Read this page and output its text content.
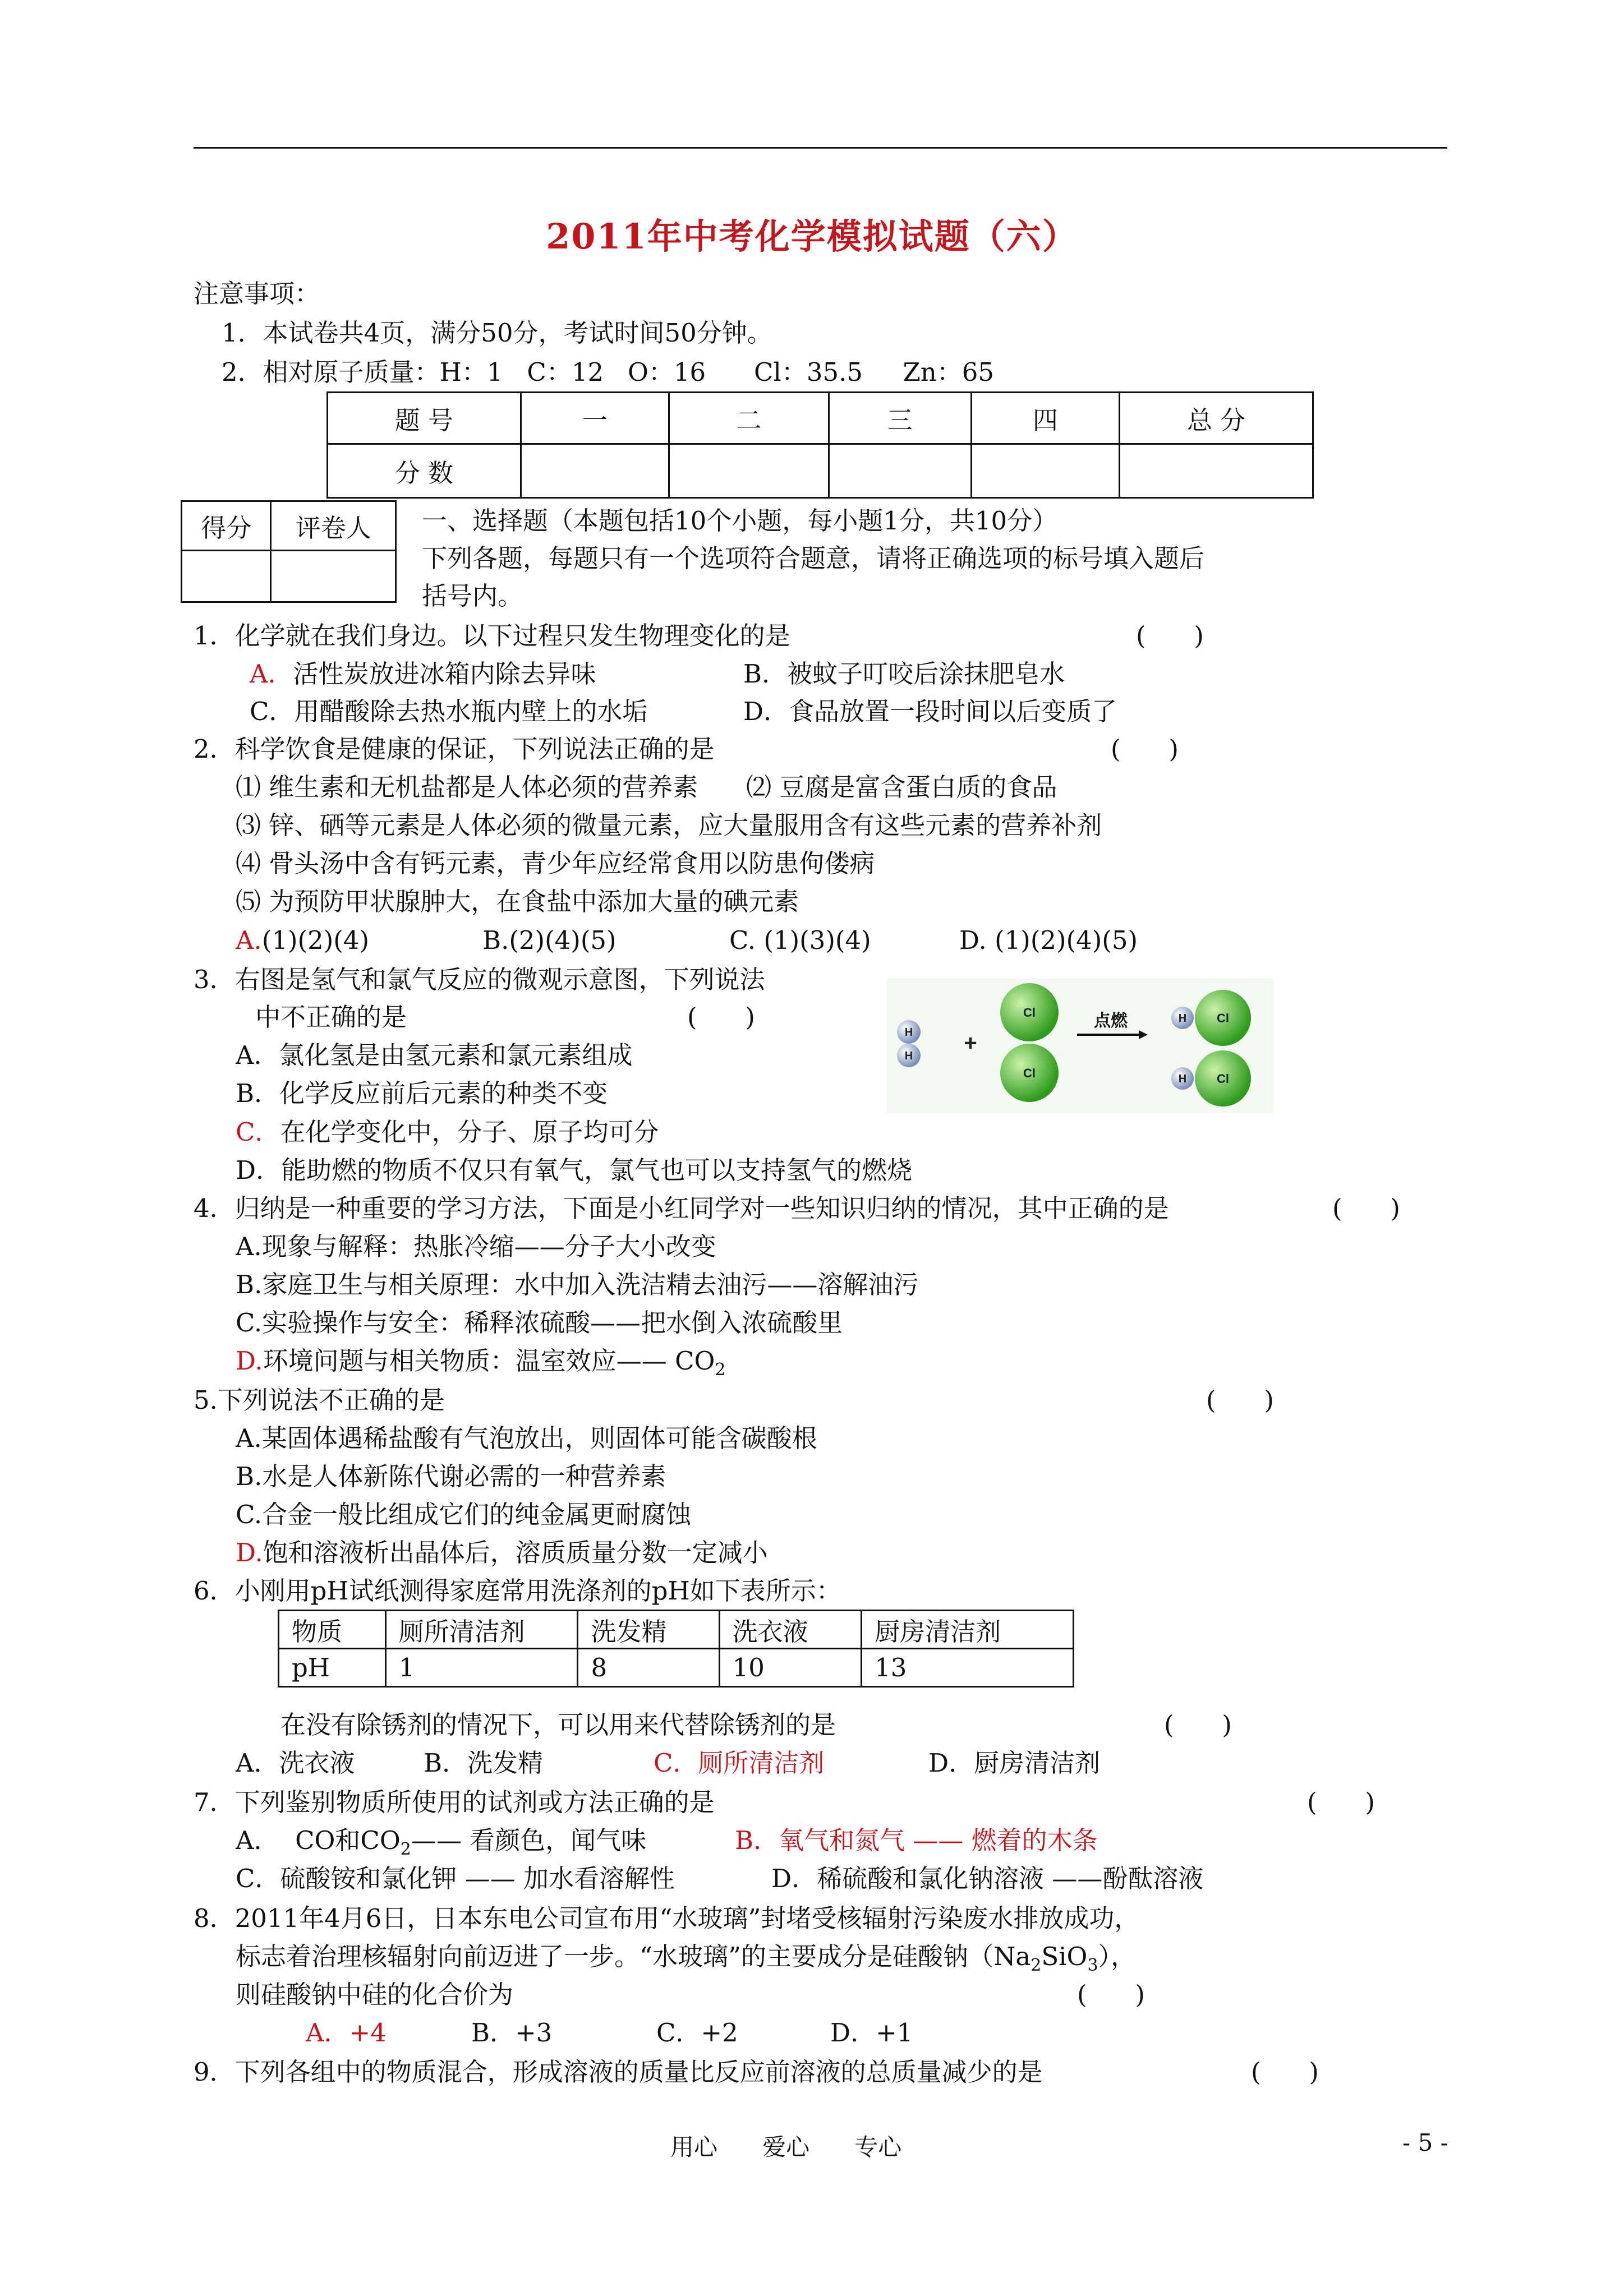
2011年中考化学模拟试题（六）
注意事项：
1．本试卷共4页，满分50分，考试时间50分钟。
2．相对原子质量：H：1   C：12   O：16      Cl：35.5     Zn：65
题 号	一	二	三	四	总 分
分 数					
得分	评卷人
	一、选择题（本题包括10个小题，每小题1分，共10分）
下列各题，每题只有一个选项符合题意，请将正确选项的标号填入题后
括号内。
1．化学就在我们身边。以下过程只发生物理变化的是	(      )
A．活性炭放进冰箱内除去异味	B．被蚊子叮咬后涂抹肥皂水
C．用醋酸除去热水瓶内壁上的水垢	D．食品放置一段时间以后变质了
2．科学饮食是健康的保证，下列说法正确的是	(      )
⑴ 维生素和无机盐都是人体必须的营养素      ⑵ 豆腐是富含蛋白质的食品
⑶ 锌、硒等元素是人体必须的微量元素，应大量服用含有这些元素的营养补剂
⑷ 骨头汤中含有钙元素，青少年应经常食用以防患佝偻病
⑸ 为预防甲状腺肿大，在食盐中添加大量的碘元素
A.(1)(2)(4)	B.(2)(4)(5)	C. (1)(3)(4)	D. (1)(2)(4)(5)
3．右图是氢气和氯气反应的微观示意图，下列说法
中不正确的是	(      )
A．氯化氢是由氢元素和氯元素组成
B．化学反应前后元素的种类不变
C．在化学变化中，分子、原子均可分
D．能助燃的物质不仅只有氧气，氯气也可以支持氢气的燃烧
H
H
+
Cl
Cl
点燃	H Cl
H Cl
4．归纳是一种重要的学习方法，下面是小红同学对一些知识归纳的情况，其中正确的是	(      )
A.现象与解释：热胀冷缩——分子大小改变
B.家庭卫生与相关原理：水中加入洗洁精去油污——溶解油污
C.实验操作与安全：稀释浓硫酸——把水倒入浓硫酸里
D.环境问题与相关物质：温室效应—— $CO_2$
5.下列说法不正确的是	(      )
A.某固体遇稀盐酸有气泡放出，则固体可能含碳酸根
B.水是人体新陈代谢必需的一种营养素
C.合金一般比组成它们的纯金属更耐腐蚀
D.饱和溶液析出晶体后，溶质质量分数一定减小
6．小刚用pH试纸测得家庭常用洗涤剂的pH如下表所示：
物质	厕所清洁剂	洗发精	洗衣液	厨房清洁剂
pH	1	8	10	13
在没有除锈剂的情况下，可以用来代替除锈剂的是	(      )
A．洗衣液	B．洗发精	C．厕所清洁剂	D．厨房清洁剂
7．下列鉴别物质所使用的试剂或方法正确的是	(      )
A．  CO和$CO_2——$ 看颜色，闻气味	B．氧气和氮气 —— 燃着的木条
C．硫酸铵和氯化钾 —— 加水看溶解性	D．稀硫酸和氯化钠溶液 ——酚酞溶液
8．2011年4月6日，日本东电公司宣布用“水玻璃”封堵受核辐射污染废水排放成功，
标志着治理核辐射向前迈进了一步。“水玻璃”的主要成分是硅酸钠$(Na_2SiO_3)$，
则硅酸钠中硅的化合价为	(      )
A．+4	B．+3	C．+2	D．+1
9．下列各组中的物质混合，形成溶液的质量比反应前溶液的总质量减少的是	(      )
用心      爱心      专心	- 5 -
